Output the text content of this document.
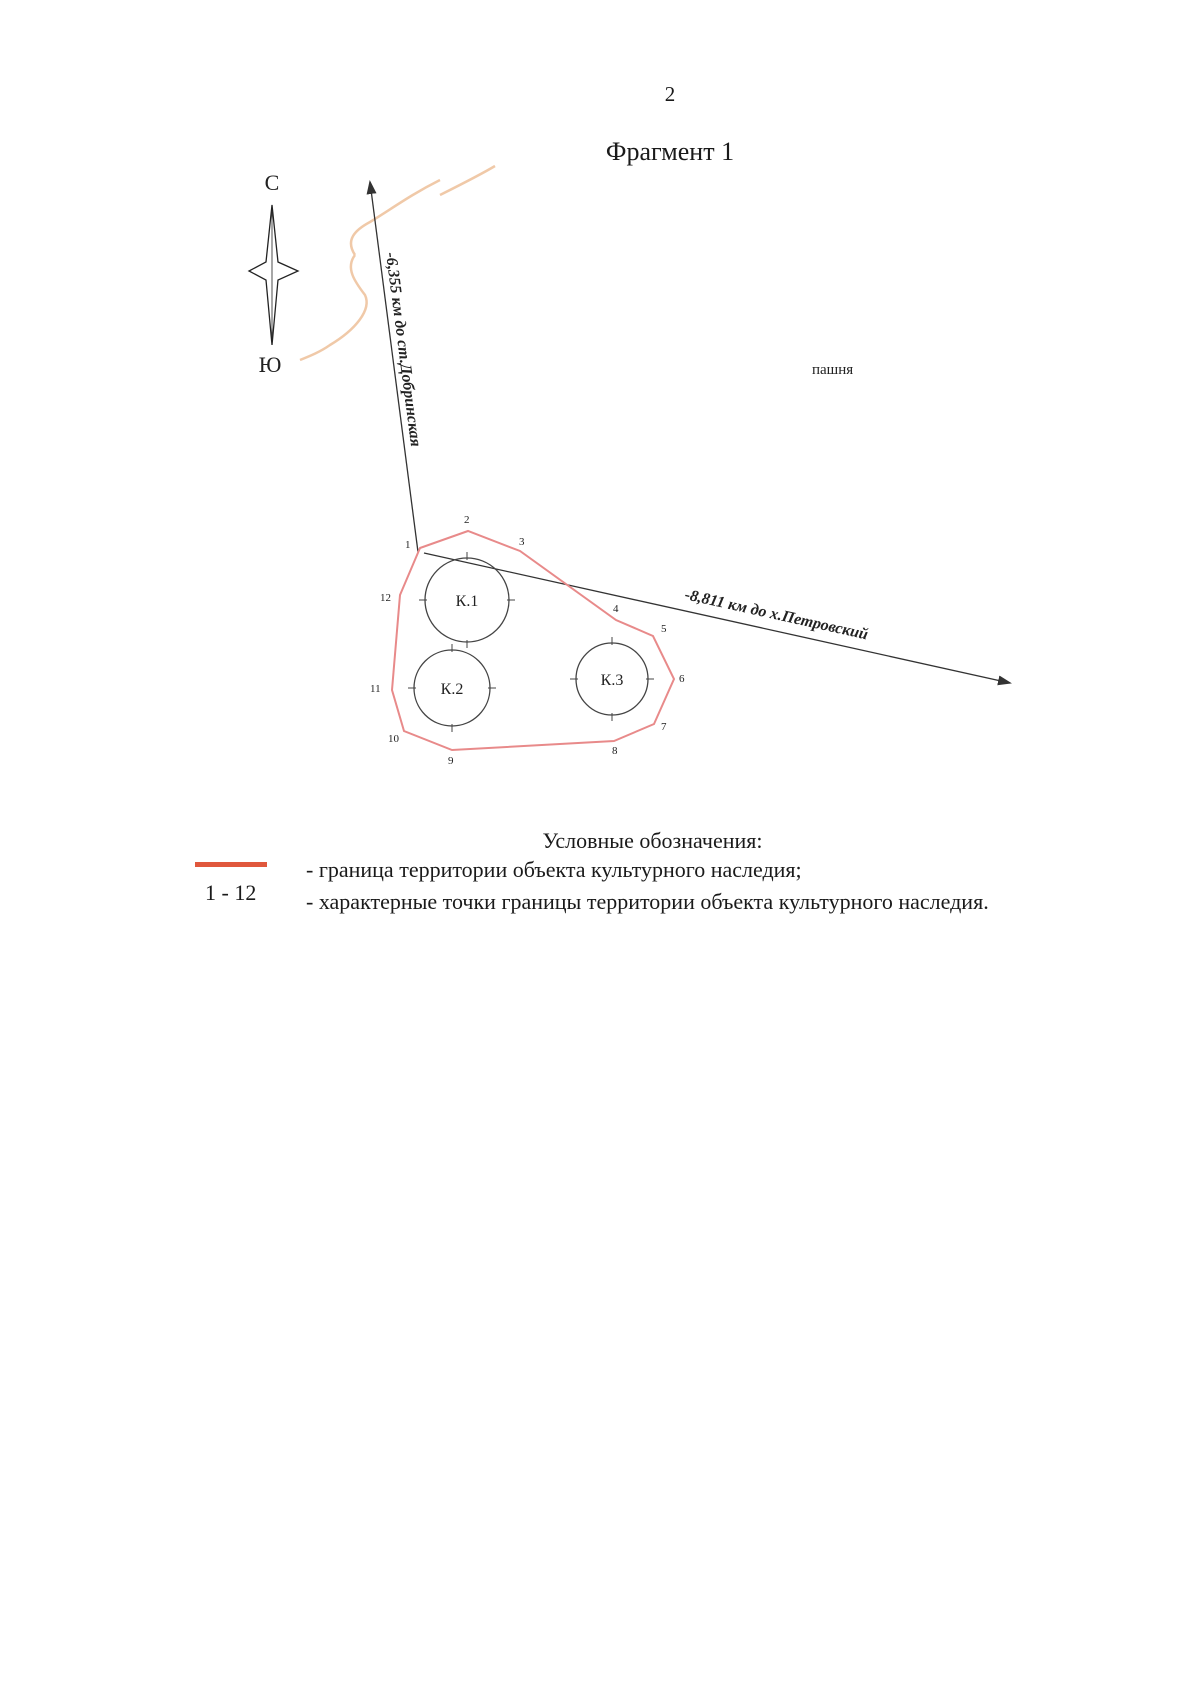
2
Фрагмент 1
С
Ю	-6,355 км до ст.Добринская
-8,811 км до х.Петровский
пашня
К.1
К.2
К.3
1
2
3
4
5
6
7
8
9
10
11
12
Условные обозначения:
- граница территории объекта культурного наследия;
1 - 12 - характерные точки границы территории объекта культурного наследия.
